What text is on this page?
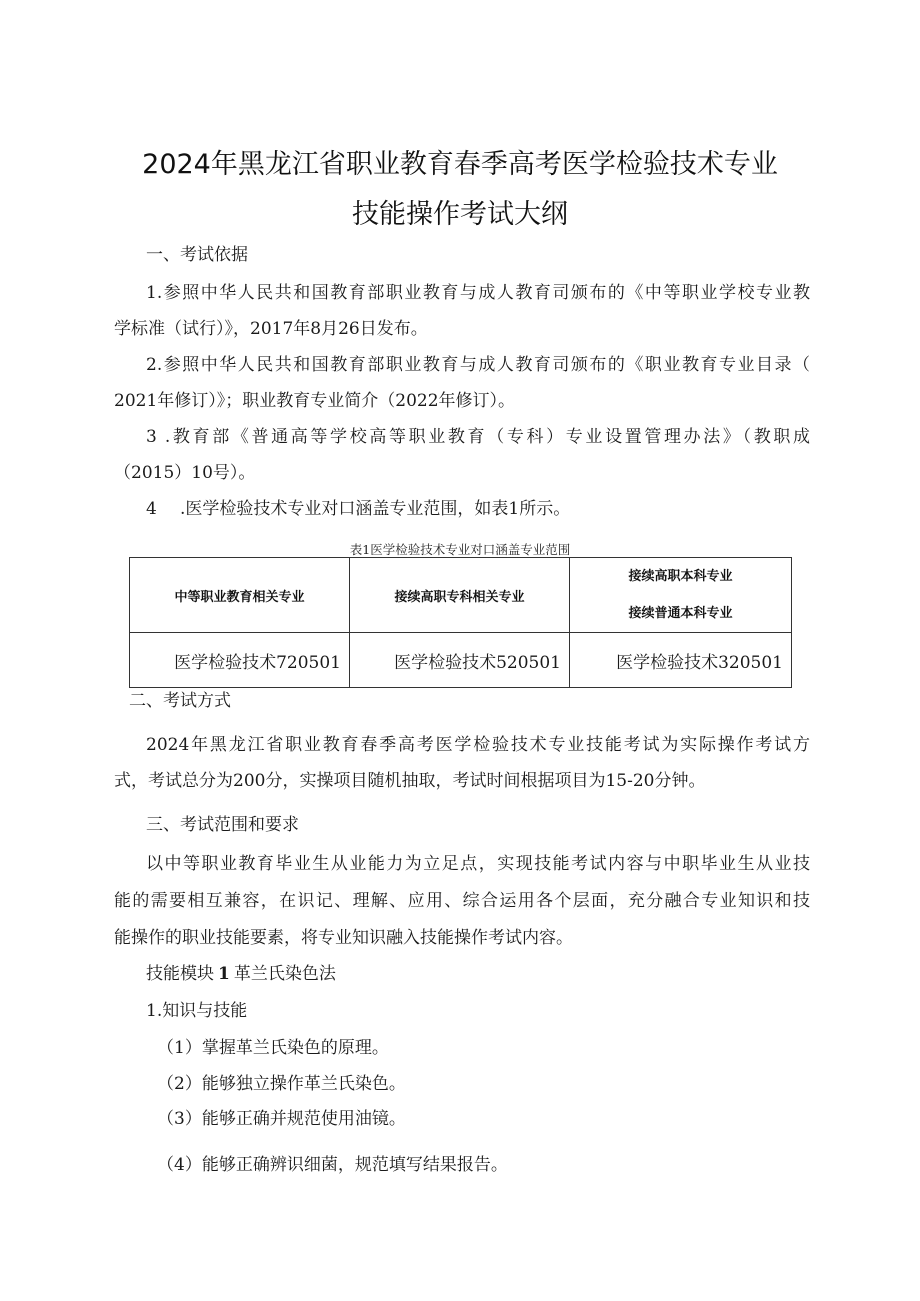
2024年黑龙江省职业教育春季高考医学检验技术专业
技能操作考试大纲
一、考试依据
1.参照中华人民共和国教育部职业教育与成人教育司颁布的《中等职业学校专业教
学标准（试行）》，2017年8月26日发布。
2.参照中华人民共和国教育部职业教育与成人教育司颁布的《职业教育专业目录（
2021年修订）》；职业教育专业简介（2022年修订）。
3 .教育部《普通高等学校高等职业教育（专科）专业设置管理办法》（教职成
（2015）10号）。
4 .医学检验技术专业对口涵盖专业范围，如表1所示。
表1医学检验技术专业对口涵盖专业范围
中等职业教育相关专业	接续高职专科相关专业	接续高职本科专业
接续普通本科专业

医学检验技术720501	医学检验技术520501	医学检验技术320501
二、考试方式
2024年黑龙江省职业教育春季高考医学检验技术专业技能考试为实际操作考试方
式，考试总分为200分，实操项目随机抽取，考试时间根据项目为15-20分钟。
三、考试范围和要求
以中等职业教育毕业生从业能力为立足点，实现技能考试内容与中职毕业生从业技
能的需要相互兼容，在识记、理解、应用、综合运用各个层面，充分融合专业知识和技
能操作的职业技能要素，将专业知识融入技能操作考试内容。
技能模块 1 革兰氏染色法
1.知识与技能
（1）掌握革兰氏染色的原理。
（2）能够独立操作革兰氏染色。
（3）能够正确并规范使用油镜。
（4）能够正确辨识细菌，规范填写结果报告。
